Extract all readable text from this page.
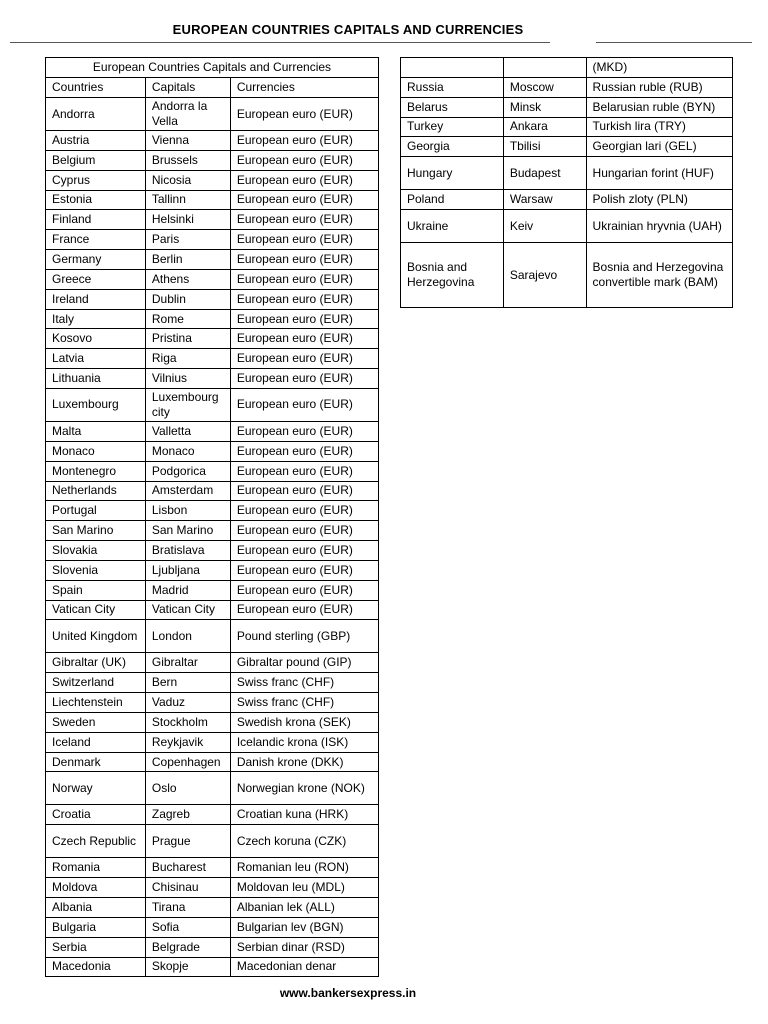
EUROPEAN COUNTRIES CAPITALS AND CURRENCIES
European Countries Capitals and Currencies		
Countries	Capitals	Currencies
Andorra	Andorra la Vella	European euro (EUR)
Austria	Vienna	European euro (EUR)
Belgium	Brussels	European euro (EUR)
Cyprus	Nicosia	European euro (EUR)
Estonia	Tallinn	European euro (EUR)
Finland	Helsinki	European euro (EUR)
France	Paris	European euro (EUR)
Germany	Berlin	European euro (EUR)
Greece	Athens	European euro (EUR)
Ireland	Dublin	European euro (EUR)
Italy	Rome	European euro (EUR)
Kosovo	Pristina	European euro (EUR)
Latvia	Riga	European euro (EUR)
Lithuania	Vilnius	European euro (EUR)
Luxembourg	Luxembourg city	European euro (EUR)
Malta	Valletta	European euro (EUR)
Monaco	Monaco	European euro (EUR)
Montenegro	Podgorica	European euro (EUR)
Netherlands	Amsterdam	European euro (EUR)
Portugal	Lisbon	European euro (EUR)
San Marino	San Marino	European euro (EUR)
Slovakia	Bratislava	European euro (EUR)
Slovenia	Ljubljana	European euro (EUR)
Spain	Madrid	European euro (EUR)
Vatican City	Vatican City	European euro (EUR)
United Kingdom	London	Pound sterling (GBP)
Gibraltar (UK)	Gibraltar	Gibraltar pound (GIP)
Switzerland	Bern	Swiss franc (CHF)
Liechtenstein	Vaduz	Swiss franc (CHF)
Sweden	Stockholm	Swedish krona (SEK)
Iceland	Reykjavik	Icelandic krona (ISK)
Denmark	Copenhagen	Danish krone (DKK)
Norway	Oslo	Norwegian krone (NOK)
Croatia	Zagreb	Croatian kuna (HRK)
Czech Republic	Prague	Czech koruna (CZK)
Romania	Bucharest	Romanian leu (RON)
Moldova	Chisinau	Moldovan leu (MDL)
Albania	Tirana	Albanian lek (ALL)
Bulgaria	Sofia	Bulgarian lev (BGN)
Serbia	Belgrade	Serbian dinar (RSD)
Macedonia	Skopje	Macedonian denar
		(MKD)
Russia	Moscow	Russian ruble (RUB)
Belarus	Minsk	Belarusian ruble (BYN)
Turkey	Ankara	Turkish lira (TRY)
Georgia	Tbilisi	Georgian lari (GEL)
Hungary	Budapest	Hungarian forint (HUF)
Poland	Warsaw	Polish zloty (PLN)
Ukraine	Keiv	Ukrainian hryvnia (UAH)
Bosnia and Herzegovina	Sarajevo	Bosnia and Herzegovina convertible mark (BAM)
www.bankersexpress.in
